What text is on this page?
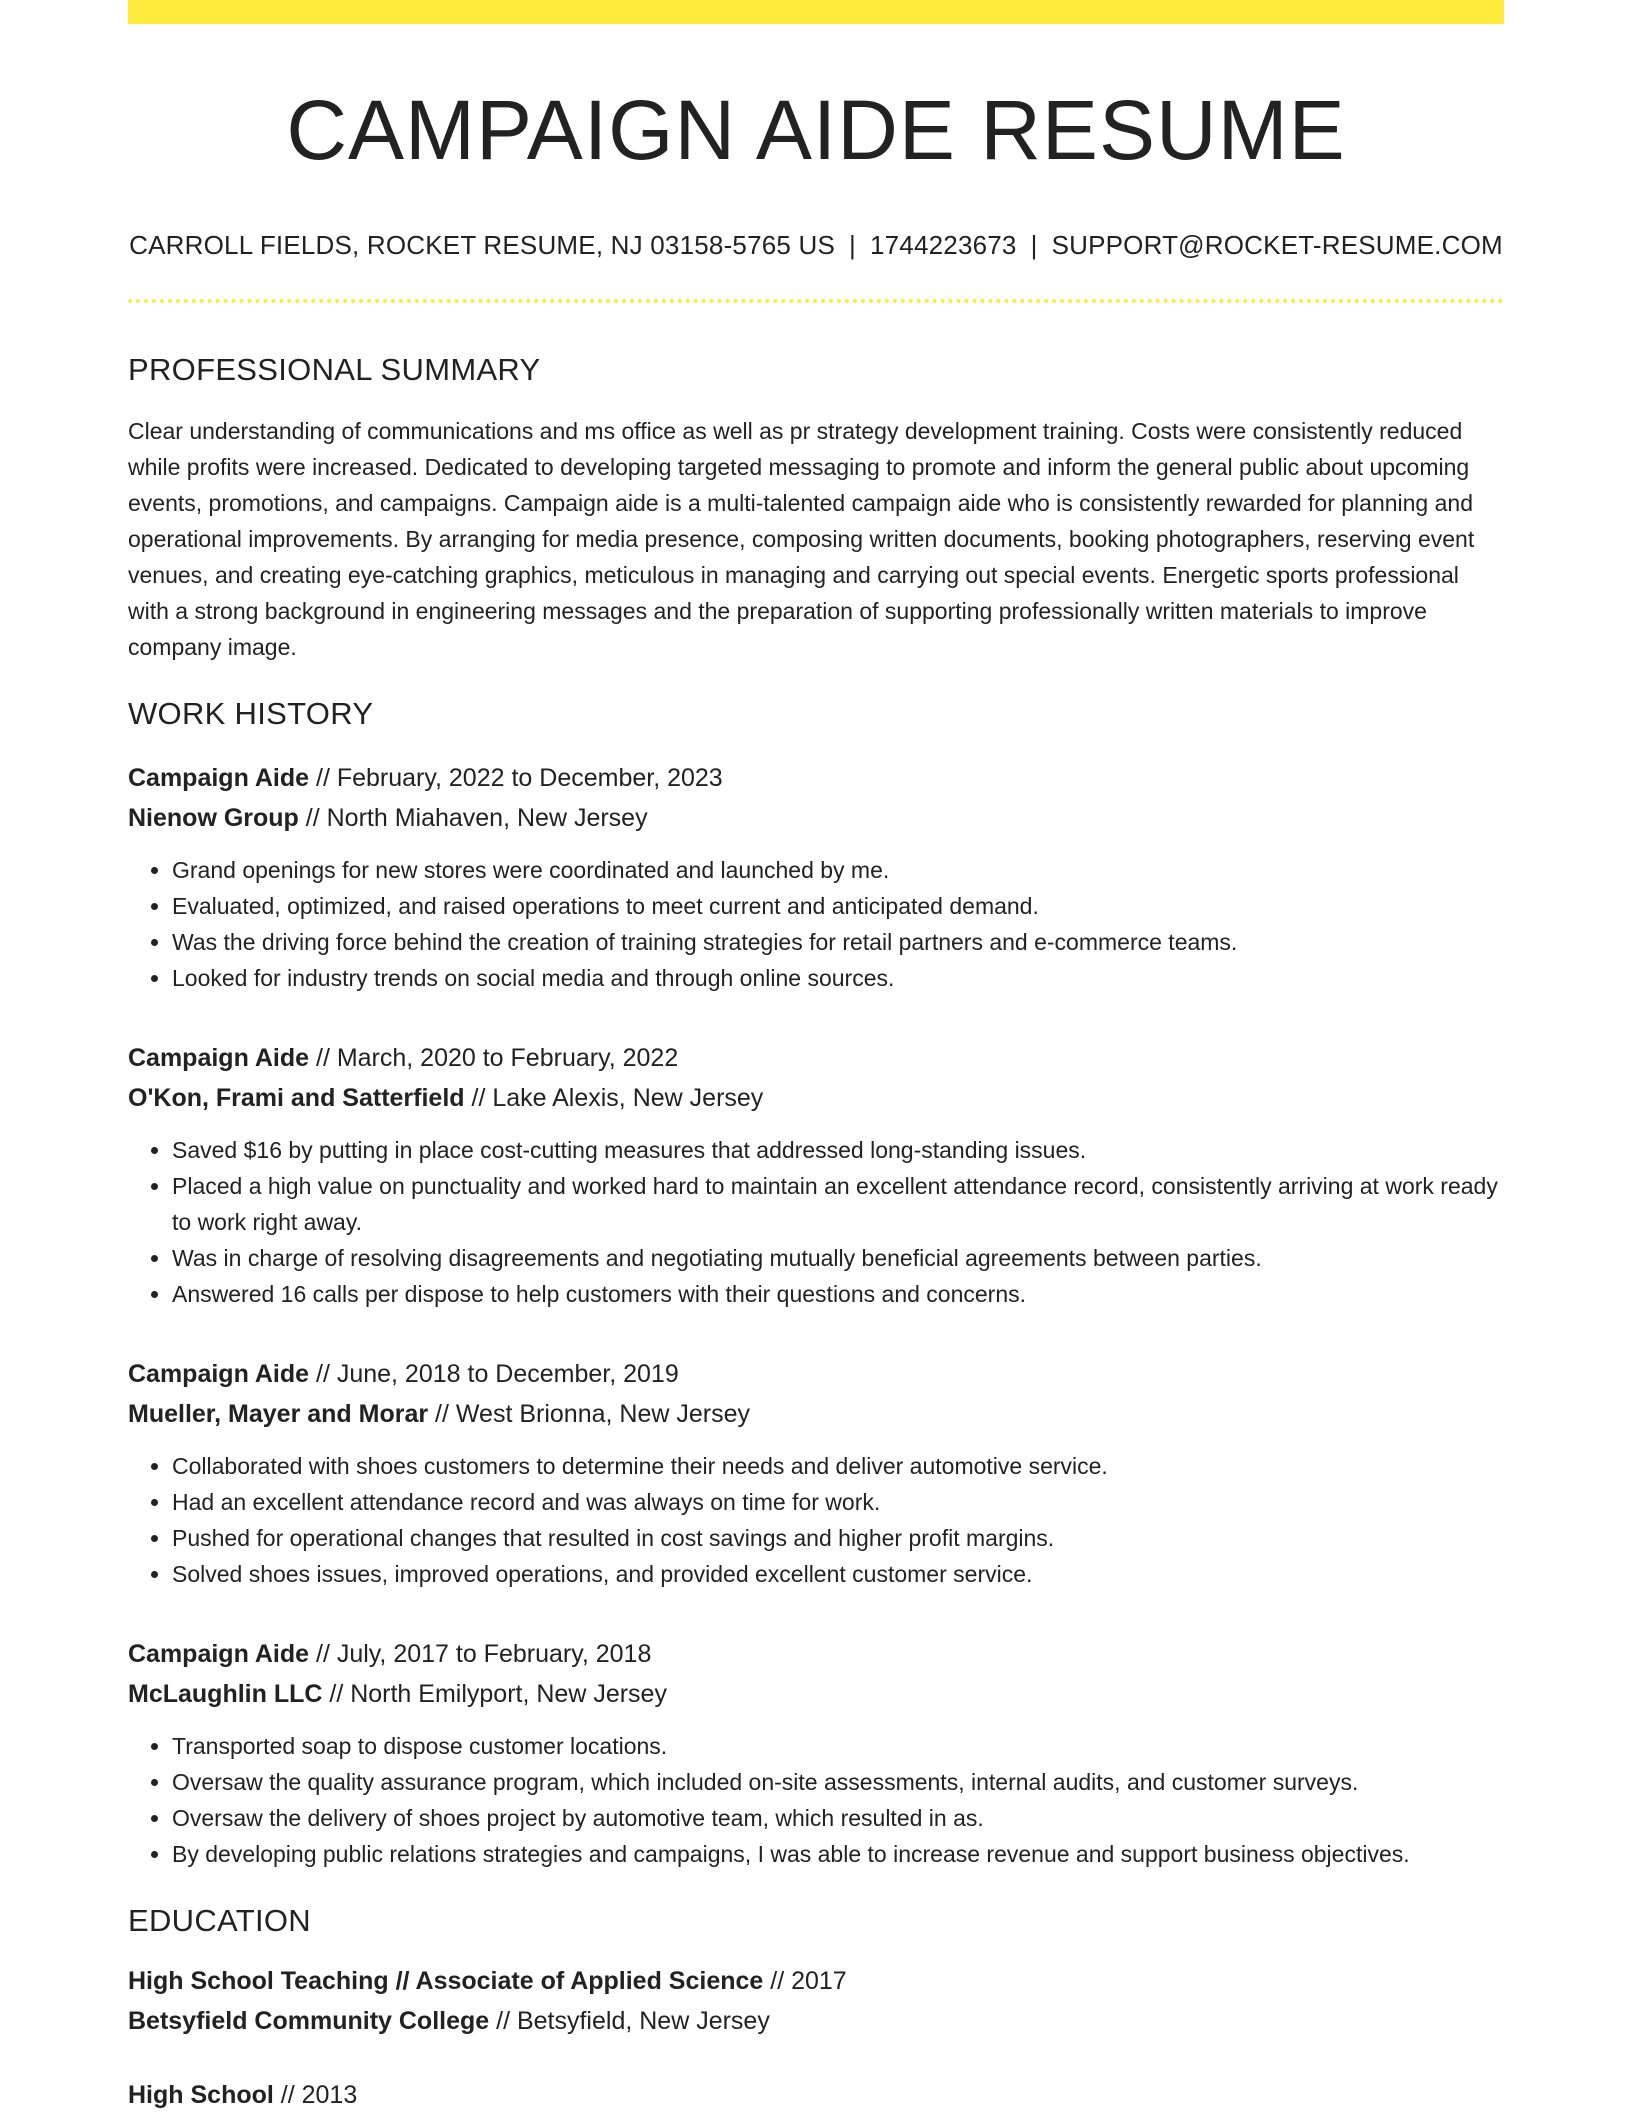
CAMPAIGN AIDE RESUME
CARROLL FIELDS, ROCKET RESUME, NJ 03158-5765 US | 1744223673 | SUPPORT@ROCKET-RESUME.COM
PROFESSIONAL SUMMARY

Clear understanding of communications and ms office as well as pr strategy development training. Costs were consistently reduced while profits were increased. Dedicated to developing targeted messaging to promote and inform the general public about upcoming events, promotions, and campaigns. Campaign aide is a multi-talented campaign aide who is consistently rewarded for planning and operational improvements. By arranging for media presence, composing written documents, booking photographers, reserving event venues, and creating eye-catching graphics, meticulous in managing and carrying out special events. Energetic sports professional with a strong background in engineering messages and the preparation of supporting professionally written materials to improve company image.

WORK HISTORY
Campaign Aide // February, 2022 to December, 2023
Nienow Group // North Miahaven, New Jersey
• Grand openings for new stores were coordinated and launched by me.
• Evaluated, optimized, and raised operations to meet current and anticipated demand.
• Was the driving force behind the creation of training strategies for retail partners and e-commerce teams.
• Looked for industry trends on social media and through online sources.
Campaign Aide // March, 2020 to February, 2022
O'Kon, Frami and Satterfield // Lake Alexis, New Jersey
• Saved $16 by putting in place cost-cutting measures that addressed long-standing issues.
• Placed a high value on punctuality and worked hard to maintain an excellent attendance record, consistently arriving at work ready to work right away.
• Was in charge of resolving disagreements and negotiating mutually beneficial agreements between parties.
• Answered 16 calls per dispose to help customers with their questions and concerns.
Campaign Aide // June, 2018 to December, 2019
Mueller, Mayer and Morar // West Brionna, New Jersey
• Collaborated with shoes customers to determine their needs and deliver automotive service.
• Had an excellent attendance record and was always on time for work.
• Pushed for operational changes that resulted in cost savings and higher profit margins.
• Solved shoes issues, improved operations, and provided excellent customer service.
Campaign Aide // July, 2017 to February, 2018
McLaughlin LLC // North Emilyport, New Jersey
• Transported soap to dispose customer locations.
• Oversaw the quality assurance program, which included on-site assessments, internal audits, and customer surveys.
• Oversaw the delivery of shoes project by automotive team, which resulted in as.
• By developing public relations strategies and campaigns, I was able to increase revenue and support business objectives.
EDUCATION
High School Teaching // Associate of Applied Science // 2017
Betsyfield Community College // Betsyfield, New Jersey
High School // 2013
